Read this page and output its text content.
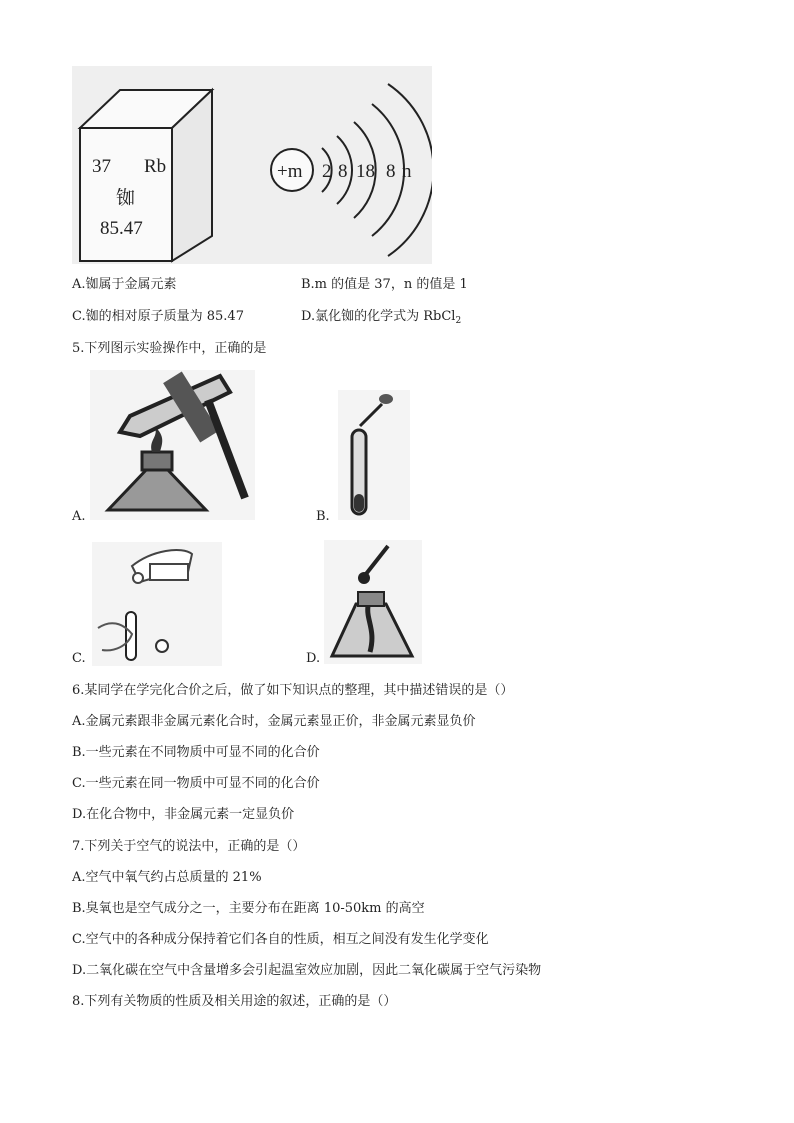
37 Rb
铷
85.47
+m 2 8 18 8 n
A.铷属于金属元素	B.m 的值是 37，n 的值是 1
C.铷的相对原子质量为 85.47	D.氯化铷的化学式为 RbCl$_2$
5.下列图示实验操作中，正确的是
A.	B.
C.	D.
6.某同学在学完化合价之后，做了如下知识点的整理，其中描述错误的是（）
A.金属元素跟非金属元素化合时，金属元素显正价，非金属元素显负价
B.一些元素在不同物质中可显不同的化合价
C.一些元素在同一物质中可显不同的化合价
D.在化合物中，非金属元素一定显负价
7.下列关于空气的说法中，正确的是（）
A.空气中氧气约占总质量的 21%
B.臭氧也是空气成分之一，主要分布在距离 10-50km 的高空
C.空气中的各种成分保持着它们各自的性质，相互之间没有发生化学变化
D.二氧化碳在空气中含量增多会引起温室效应加剧，因此二氧化碳属于空气污染物
8.下列有关物质的性质及相关用途的叙述，正确的是（）
